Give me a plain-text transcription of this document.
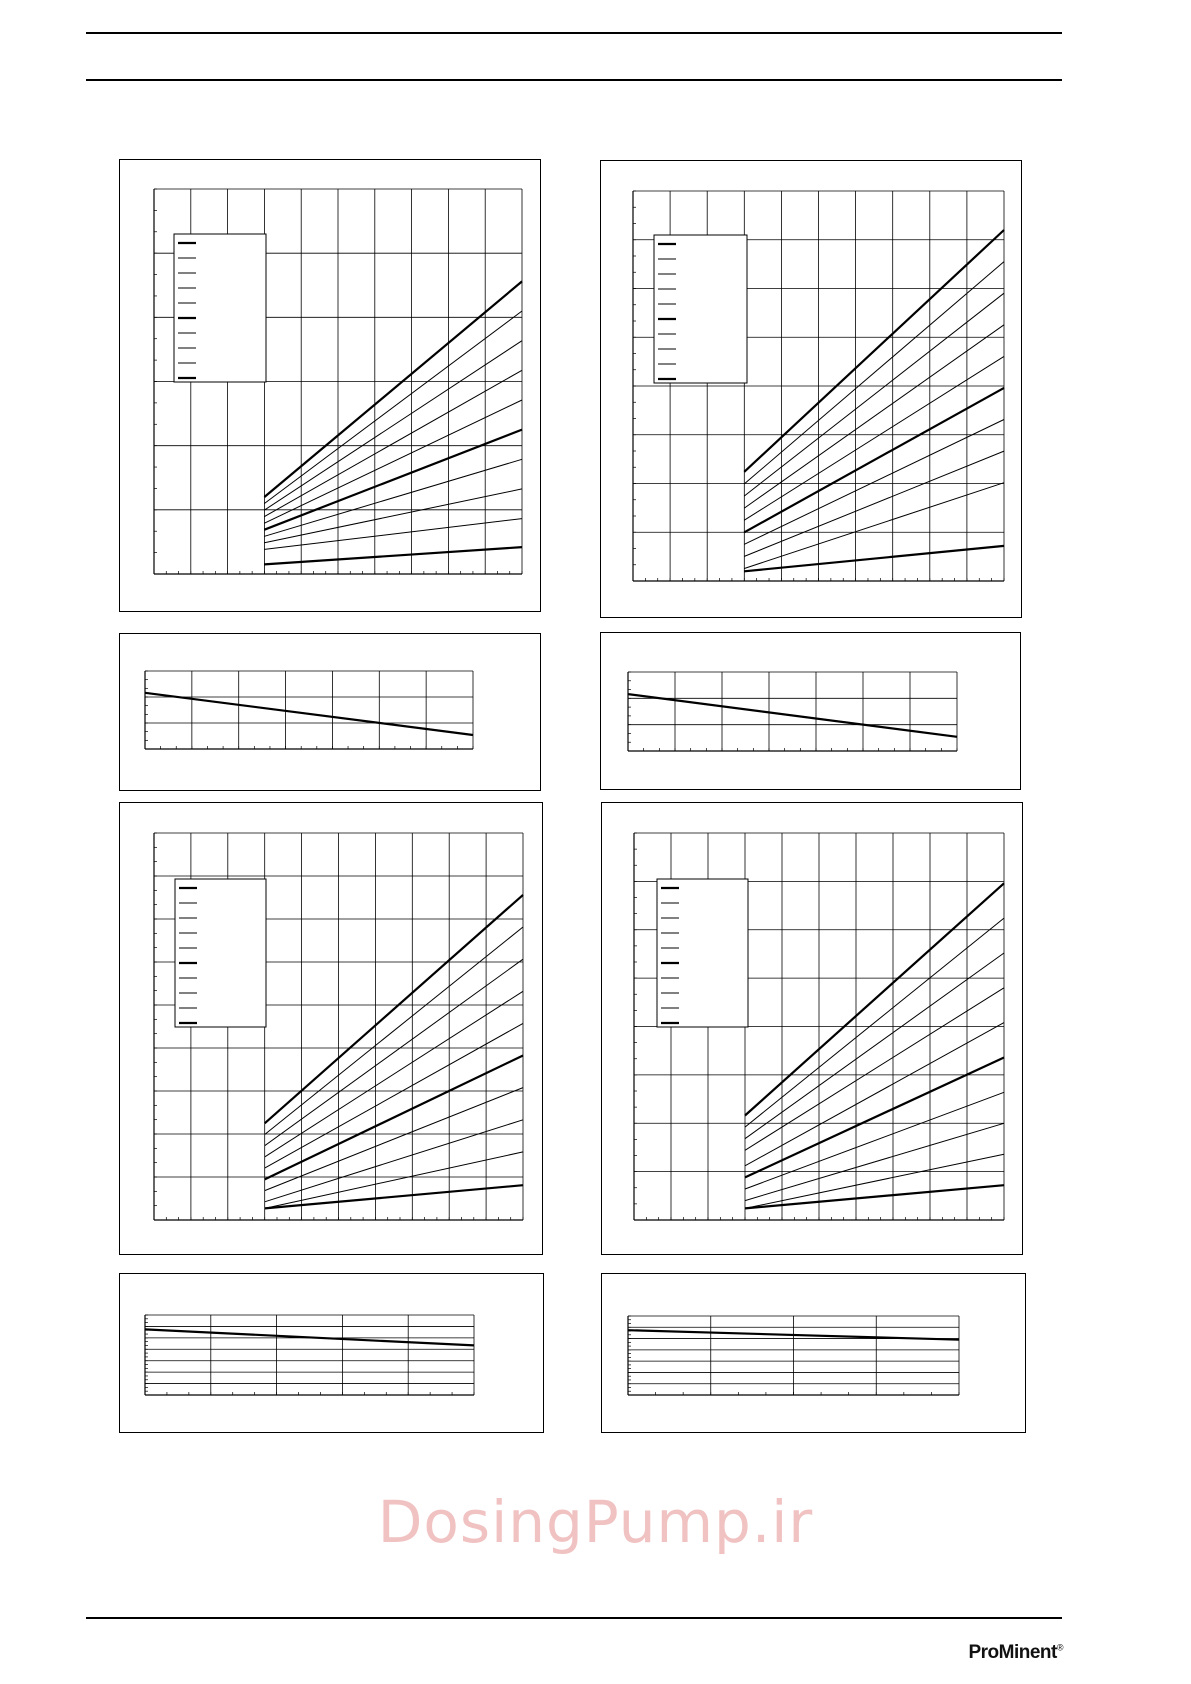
DosingPump.ir
ProMinent®
